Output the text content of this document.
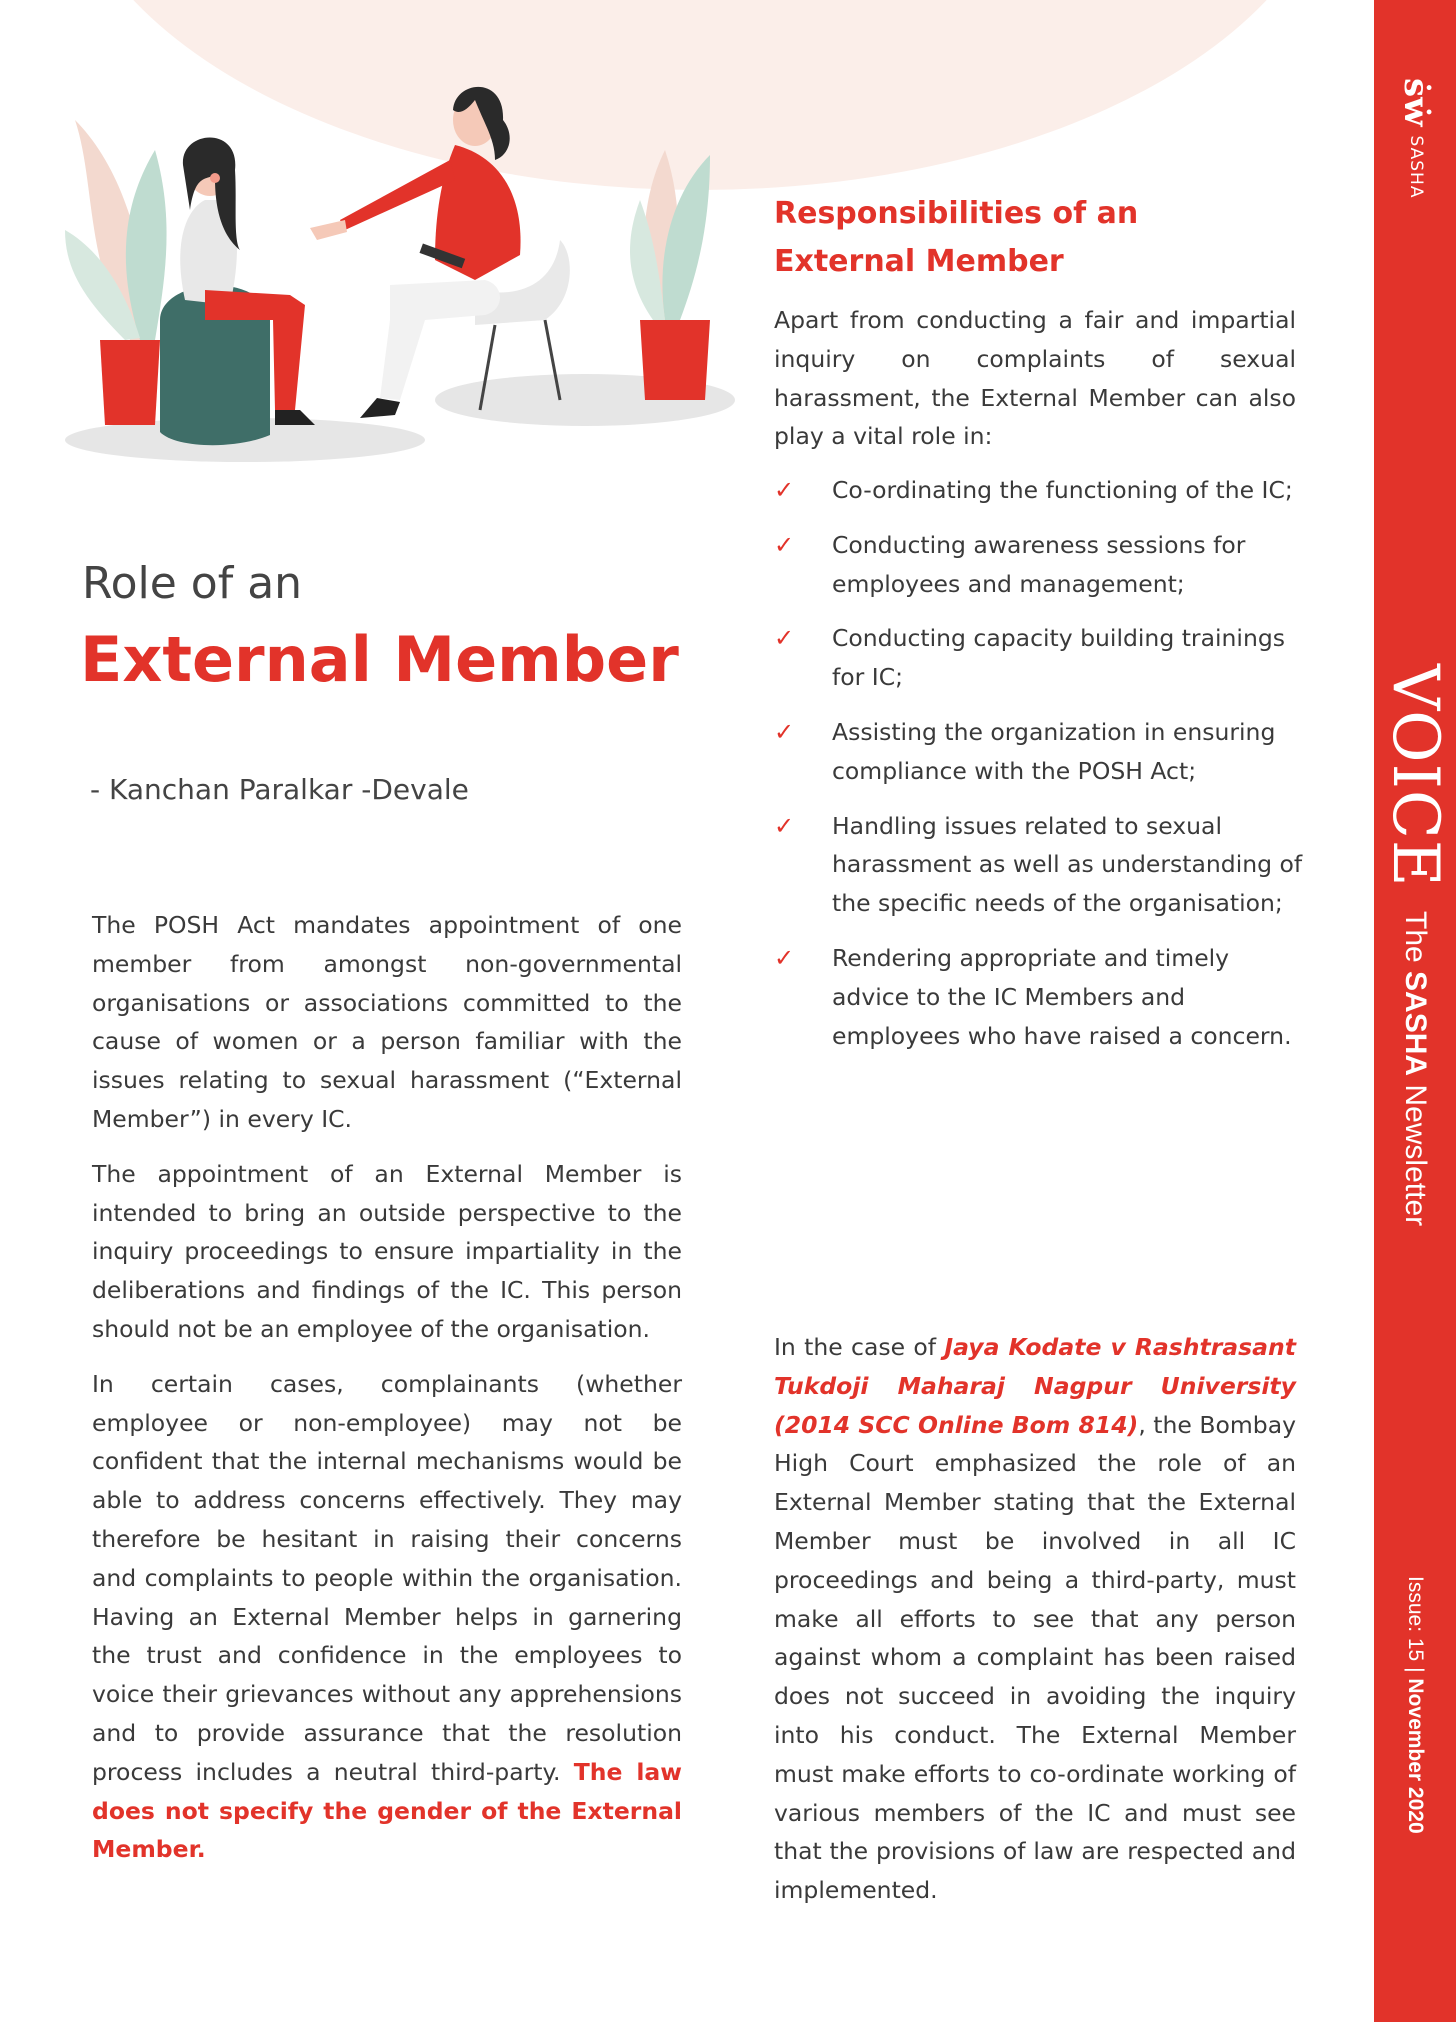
ṡẇ
SASHA
VOICE The SASHA Newsletter
Issue: 15 | November 2020
Role of an
External Member
- Kanchan Paralkar -Devale

The POSH Act mandates appointment of one member from amongst non-governmental organisations or associations committed to the cause of women or a person familiar with the issues relating to sexual harassment (“External Member”) in every IC.

The appointment of an External Member is intended to bring an outside perspective to the inquiry proceedings to ensure impartiality in the deliberations and findings of the IC. This person should not be an employee of the organisation.

In certain cases, complainants (whether employee or non-employee) may not be confident that the internal mechanisms would be able to address concerns effectively. They may therefore be hesitant in raising their concerns and complaints to people within the organisation. Having an External Member helps in garnering the trust and confidence in the employees to voice their grievances without any apprehensions and to provide assurance that the resolution process includes a neutral third-party. The law does not specify the gender of the External Member.

Responsibilities of an
External Member

Apart from conducting a fair and impartial inquiry on complaints of sexual harassment, the External Member can also play a vital role in:

✓ Co-ordinating the functioning of the IC;
✓ Conducting awareness sessions for employees and management;
✓ Conducting capacity building trainings for IC;
✓ Assisting the organization in ensuring compliance with the POSH Act;
✓ Handling issues related to sexual harassment as well as understanding of the specific needs of the organisation;
✓ Rendering appropriate and timely advice to the IC Members and employees who have raised a concern.

In the case of Jaya Kodate v Rashtrasant Tukdoji Maharaj Nagpur University (2014 SCC Online Bom 814), the Bombay High Court emphasized the role of an External Member stating that the External Member must be involved in all IC proceedings and being a third-party, must make all efforts to see that any person against whom a complaint has been raised does not succeed in avoiding the inquiry into his conduct. The External Member must make efforts to co-ordinate working of various members of the IC and must see that the provisions of law are respected and implemented.
